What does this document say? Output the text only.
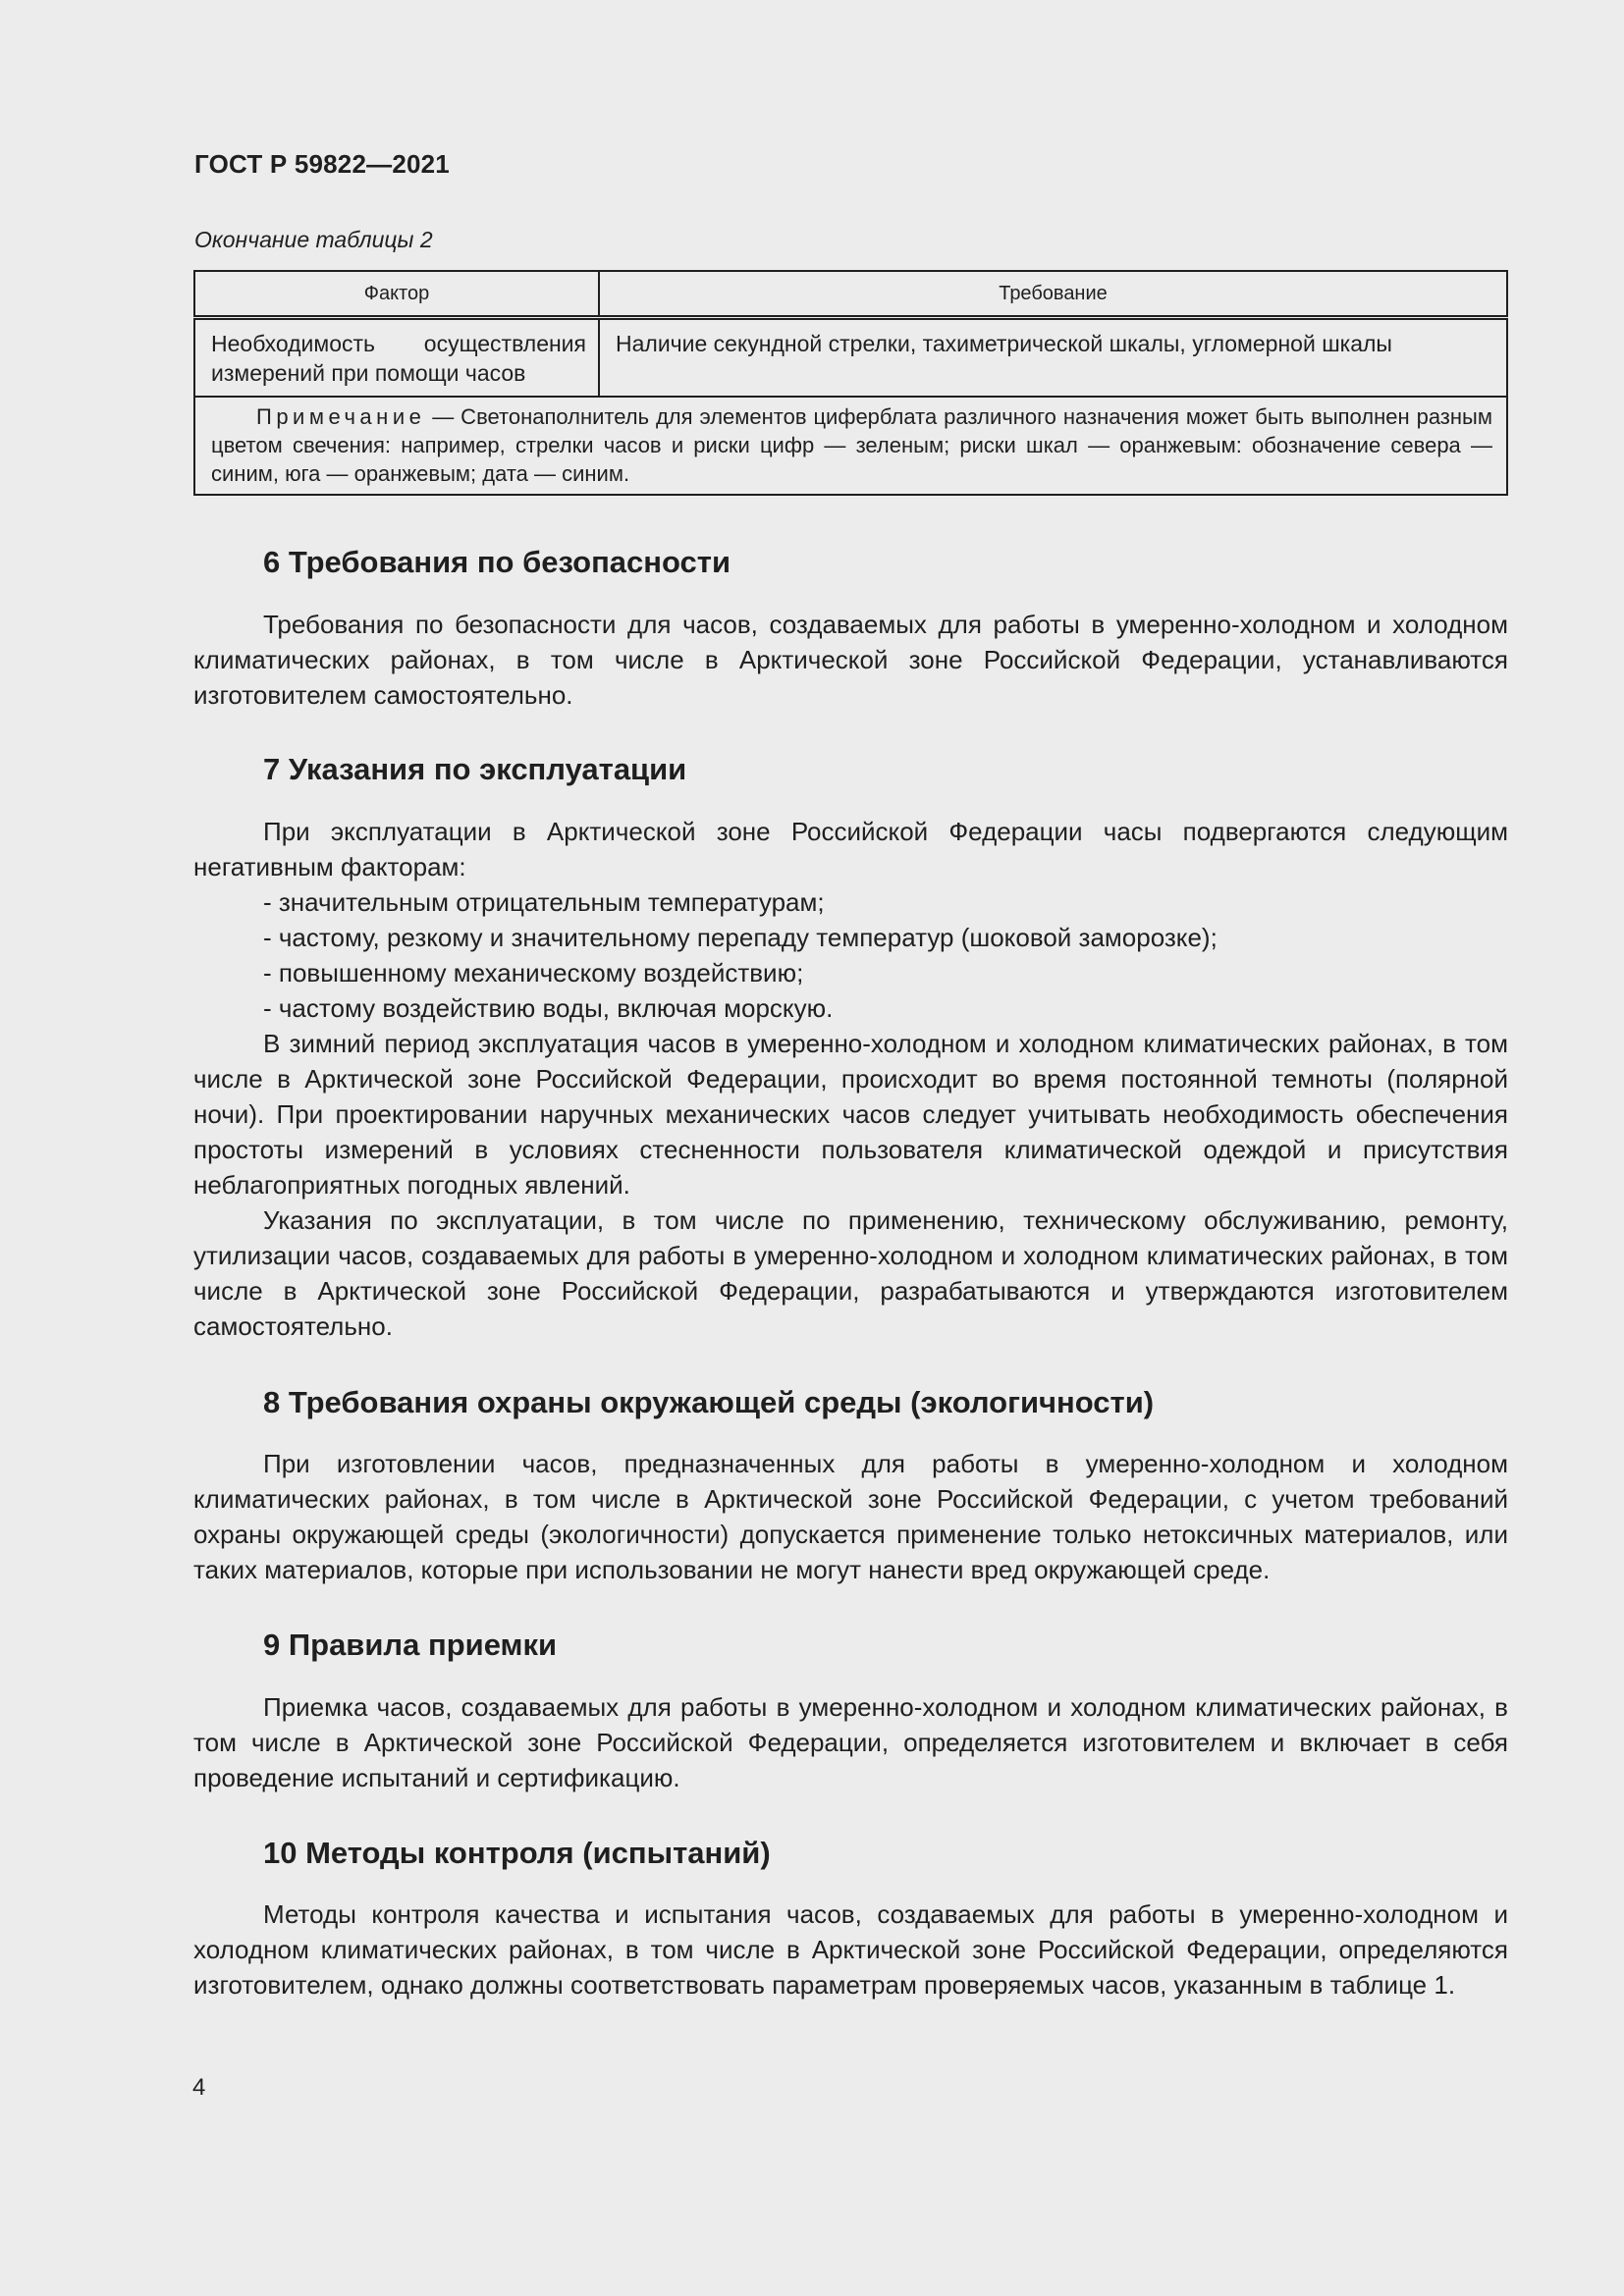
ГОСТ Р 59822—2021
Окончание таблицы 2
Фактор	Требование
Необходимость осуществления измерений при помощи часов	Наличие секундной стрелки, тахиметрической шкалы, угломерной шкалы
Примечание — Светонаполнитель для элементов циферблата различного назначения может быть выполнен разным цветом свечения: например, стрелки часов и риски цифр — зеленым; риски шкал — оранжевым: обозначение севера — синим, юга — оранжевым; дата — синим.	
6 Требования по безопасности

Требования по безопасности для часов, создаваемых для работы в умеренно-холодном и холодном климатических районах, в том числе в Арктической зоне Российской Федерации, устанавливаются изготовителем самостоятельно.

7 Указания по эксплуатации

При эксплуатации в Арктической зоне Российской Федерации часы подвергаются следующим негативным факторам:

- значительным отрицательным температурам;

- частому, резкому и значительному перепаду температур (шоковой заморозке);

- повышенному механическому воздействию;

- частому воздействию воды, включая морскую.

В зимний период эксплуатация часов в умеренно-холодном и холодном климатических районах, в том числе в Арктической зоне Российской Федерации, происходит во время постоянной темноты (полярной ночи). При проектировании наручных механических часов следует учитывать необходимость обеспечения простоты измерений в условиях стесненности пользователя климатической одеждой и присутствия неблагоприятных погодных явлений.

Указания по эксплуатации, в том числе по применению, техническому обслуживанию, ремонту, утилизации часов, создаваемых для работы в умеренно-холодном и холодном климатических районах, в том числе в Арктической зоне Российской Федерации, разрабатываются и утверждаются изготовителем самостоятельно.

8 Требования охраны окружающей среды (экологичности)

При изготовлении часов, предназначенных для работы в умеренно-холодном и холодном климатических районах, в том числе в Арктической зоне Российской Федерации, с учетом требований охраны окружающей среды (экологичности) допускается применение только нетоксичных материалов, или таких материалов, которые при использовании не могут нанести вред окружающей среде.

9 Правила приемки

Приемка часов, создаваемых для работы в умеренно-холодном и холодном климатических районах, в том числе в Арктической зоне Российской Федерации, определяется изготовителем и включает в себя проведение испытаний и сертификацию.

10 Методы контроля (испытаний)

Методы контроля качества и испытания часов, создаваемых для работы в умеренно-холодном и холодном климатических районах, в том числе в Арктической зоне Российской Федерации, определяются изготовителем, однако должны соответствовать параметрам проверяемых часов, указанным в таблице 1.

4
